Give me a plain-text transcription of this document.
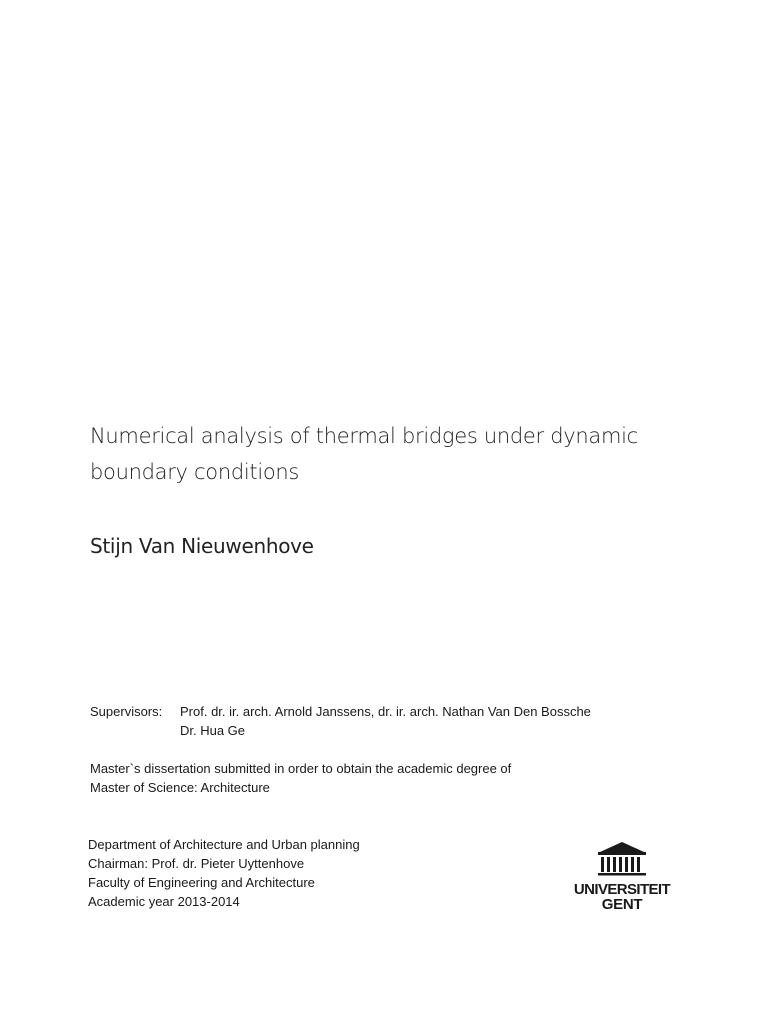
Numerical analysis of thermal bridges under dynamic
boundary conditions
Stijn Van Nieuwenhove
Supervisors:	Prof. dr. ir. arch. Arnold Janssens, dr. ir. arch. Nathan Van Den Bossche
Dr. Hua Ge
Master`s dissertation submitted in order to obtain the academic degree of
Master of Science: Architecture
Department of Architecture and Urban planning
Chairman: Prof. dr. Pieter Uyttenhove
Faculty of Engineering and Architecture
Academic year 2013-2014
UNIVERSITEIT
GENT
